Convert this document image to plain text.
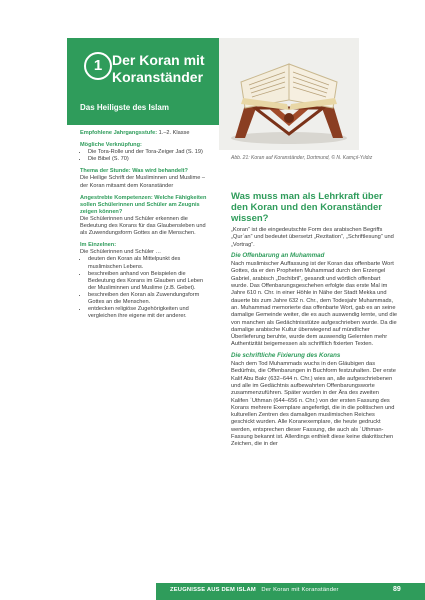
1 Der Koran mit Koranständer
Das Heiligste des Islam
Empfohlene Jahrgangsstufe: 1.–2. Klasse
Mögliche Verknüpfung:
• Die Tora-Rolle und der Tora-Zeiger Jad (S. 19)
• Die Bibel (S. 70)
Thema der Stunde: Was wird behandelt?
Die Heilige Schrift der Musliminnen und Muslime – der Koran mitsamt dem Koranständer
Angestrebte Kompetenzen: Welche Fähigkeiten sollen Schülerinnen und Schüler am Zeugnis zeigen können?
Die Schülerinnen und Schüler erkennen die Bedeutung des Korans für das Glaubensleben und als Zuwendungsform Gottes an die Menschen.
Im Einzelnen:
Die Schülerinnen und Schüler …
• deuten den Koran als Mittelpunkt des muslimischen Lebens.
• beschreiben anhand von Beispielen die Bedeutung des Korans im Glauben und Leben der Musliminnen und Muslime (z.B. Gebet).
• beschreiben den Koran als Zuwendungsform Gottes an die Menschen.
• entdecken religiöse Zugehörigkeiten und vergleichen ihre eigene mit der anderer.
Abb. 21: Koran auf Koranständer, Dortmund, © N. Kamçıl-Yıldız
Was muss man als Lehrkraft über den Koran und den Koranständer wissen?

„Koran“ ist die eingedeutschte Form des arabischen Begriffs „Qurʾan“ und bedeutet übersetzt „Rezitation“, „Schriftlesung“ und „Vortrag“.

Die Offenbarung an Muhammad

Nach muslimischer Auffassung ist der Koran das offenbarte Wort Gottes, da er den Propheten Muhammad durch den Erzengel Gabriel, arabisch „Dschibril“, gesandt und wörtlich offenbart wurde. Das Offenbarungsgeschehen erfolgte das erste Mal im Jahre 610 n. Chr. in einer Höhle in Nähe der Stadt Mekka und dauerte bis zum Jahre 632 n. Chr., dem Todesjahr Muhammads, an. Muhammad memorierte das offenbarte Wort, gab es an seine damalige Gemeinde weiter, die es auch auswendig lernte, und die von manchen als Gedächtnisstütze aufgeschrieben wurde. Da die damalige arabische Kultur überwiegend auf mündlicher Überlieferung beruhte, wurde dem auswendig Gelernten mehr Authentizität beigemessen als schriftlich fixierten Texten.

Die schriftliche Fixierung des Korans

Nach dem Tod Muhammads wuchs in den Gläubigen das Bedürfnis, die Offenbarungen in Buchform festzuhalten. Der erste Kalif Abu Bakr (632–644 n. Chr.) wies an, alle aufgeschriebenen und alle im Gedächtnis aufbewahrten Offenbarungsworte zusammenzuführen. Später wurden in der Ära des zweiten Kalifen ʿUthman (644–656 n. Chr.) von der ersten Fassung des Korans mehrere Exemplare angefertigt, die in die politischen und kulturellen Zentren des damaligen muslimischen Reiches geschickt wurden. Alle Koranexemplare, die heute gedruckt werden, entsprechen dieser Fassung, die auch als ʿUthman-Fassung bekannt ist. Allerdings enthielt diese keine diakritischen Zeichen, die in der

ZEUGNISSE AUS DEM ISLAM Der Koran mit Koranständer	89
